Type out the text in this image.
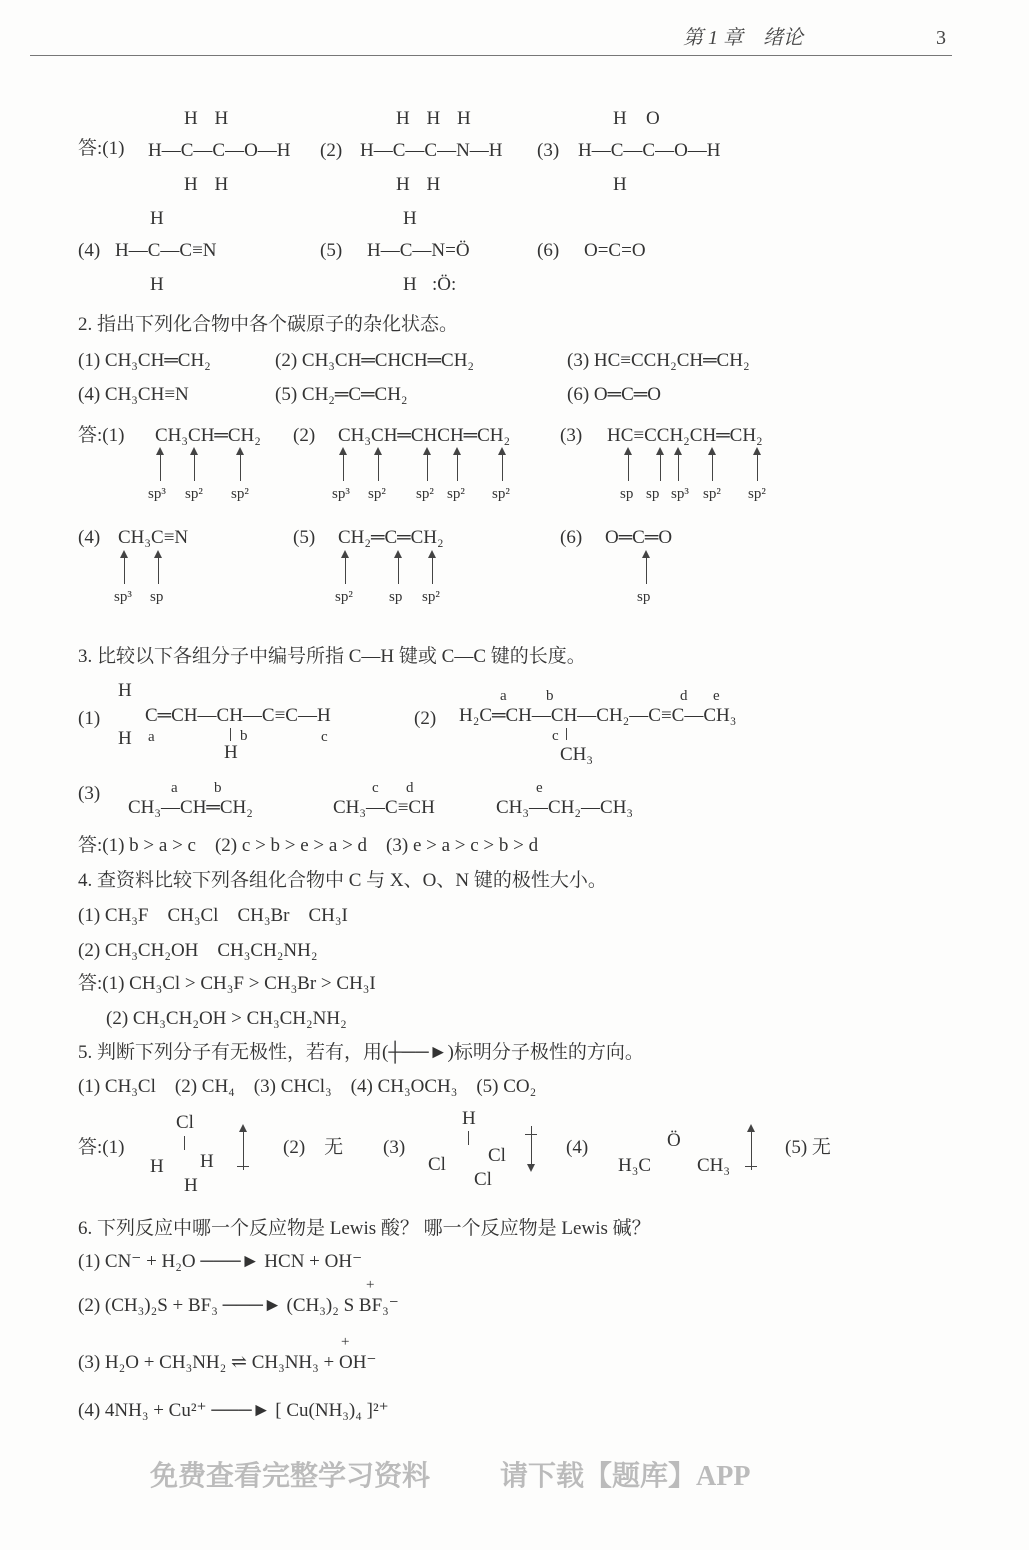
第 1 章　绪论	3
免费查看完整学习资料 请下载【题库】APP
答:(1)
H H
H—C—C—O—H
H H
(2)
H H H
H—C—C—N—H
H H
(3)
H O
H—C—C—O—H
H
(4)
H
H—C—C≡N
H
(5)
H
H—C—N=Ö
H :Ö:
(6) O=C=O
2. 指出下列化合物中各个碳原子的杂化状态。
(1) CH₃CH═CH₂	(2) CH₃CH═CHCH═CH₂	(3) HC≡CCH₂CH═CH₂
(4) CH₃CH≡N	(5) CH₂═C═CH₂	(6) O═C═O
答:(1) CH₃CH═CH₂
sp³ sp² sp²
(2) CH₃CH═CHCH═CH₂
sp³ sp² sp² sp² sp²
(3) HC≡CCH₂CH═CH₂
sp sp sp³ sp² sp²
(4) CH₃C≡N
sp³ sp
(5) CH₂═C═CH₂
sp² sp sp²
(6) O═C═O
sp
3. 比较以下各组分子中编号所指 C—H 键或 C—C 键的长度。
(1)
H
H
C═CH—CH—C≡C—H
a	b
H
c
(2) H₂C═CH—CH—CH₂—C≡C—CH₃
a	b
c
CH₃
d e
(3)
CH₃—CH═CH₂
a b
CH₃—C≡CH
c d
CH₃—CH₂—CH₃
e
答:(1) b > a > c　(2) c > b > e > a > d　(3) e > a > c > b > d
4. 查资料比较下列各组化合物中 C 与 X、O、N 键的极性大小。
(1) CH₃F　CH₃Cl　CH₃Br　CH₃I
(2) CH₃CH₂OH　CH₃CH₂NH₂
答:(1) CH₃Cl > CH₃F > CH₃Br > CH₃I
(2) CH₃CH₂OH > CH₃CH₂NH₂
5. 判断下列分子有无极性，若有，用(┼──►)标明分子极性的方向。
(1) CH₃Cl　(2) CH₄　(3) CHCl₃　(4) CH₃OCH₃　(5) CO₂
答:(1)
Cl
H H
H
(2)　无 (3)
H
Cl Cl
Cl
(4)	Ö
H₃C CH₃
(5) 无
6. 下列反应中哪一个反应物是 Lewis 酸？ 哪一个反应物是 Lewis 碱？
(1) CN⁻ + H₂O ───► HCN + OH⁻
+
(2) (CH₃)₂S + BF₃ ───► (CH₃)₂ S BF₃⁻
+
(3) H₂O + CH₃NH₂ ⇌ CH₃NH₃ + OH⁻
(4) 4NH₃ + Cu²⁺ ───► [ Cu(NH₃)₄ ]²⁺
